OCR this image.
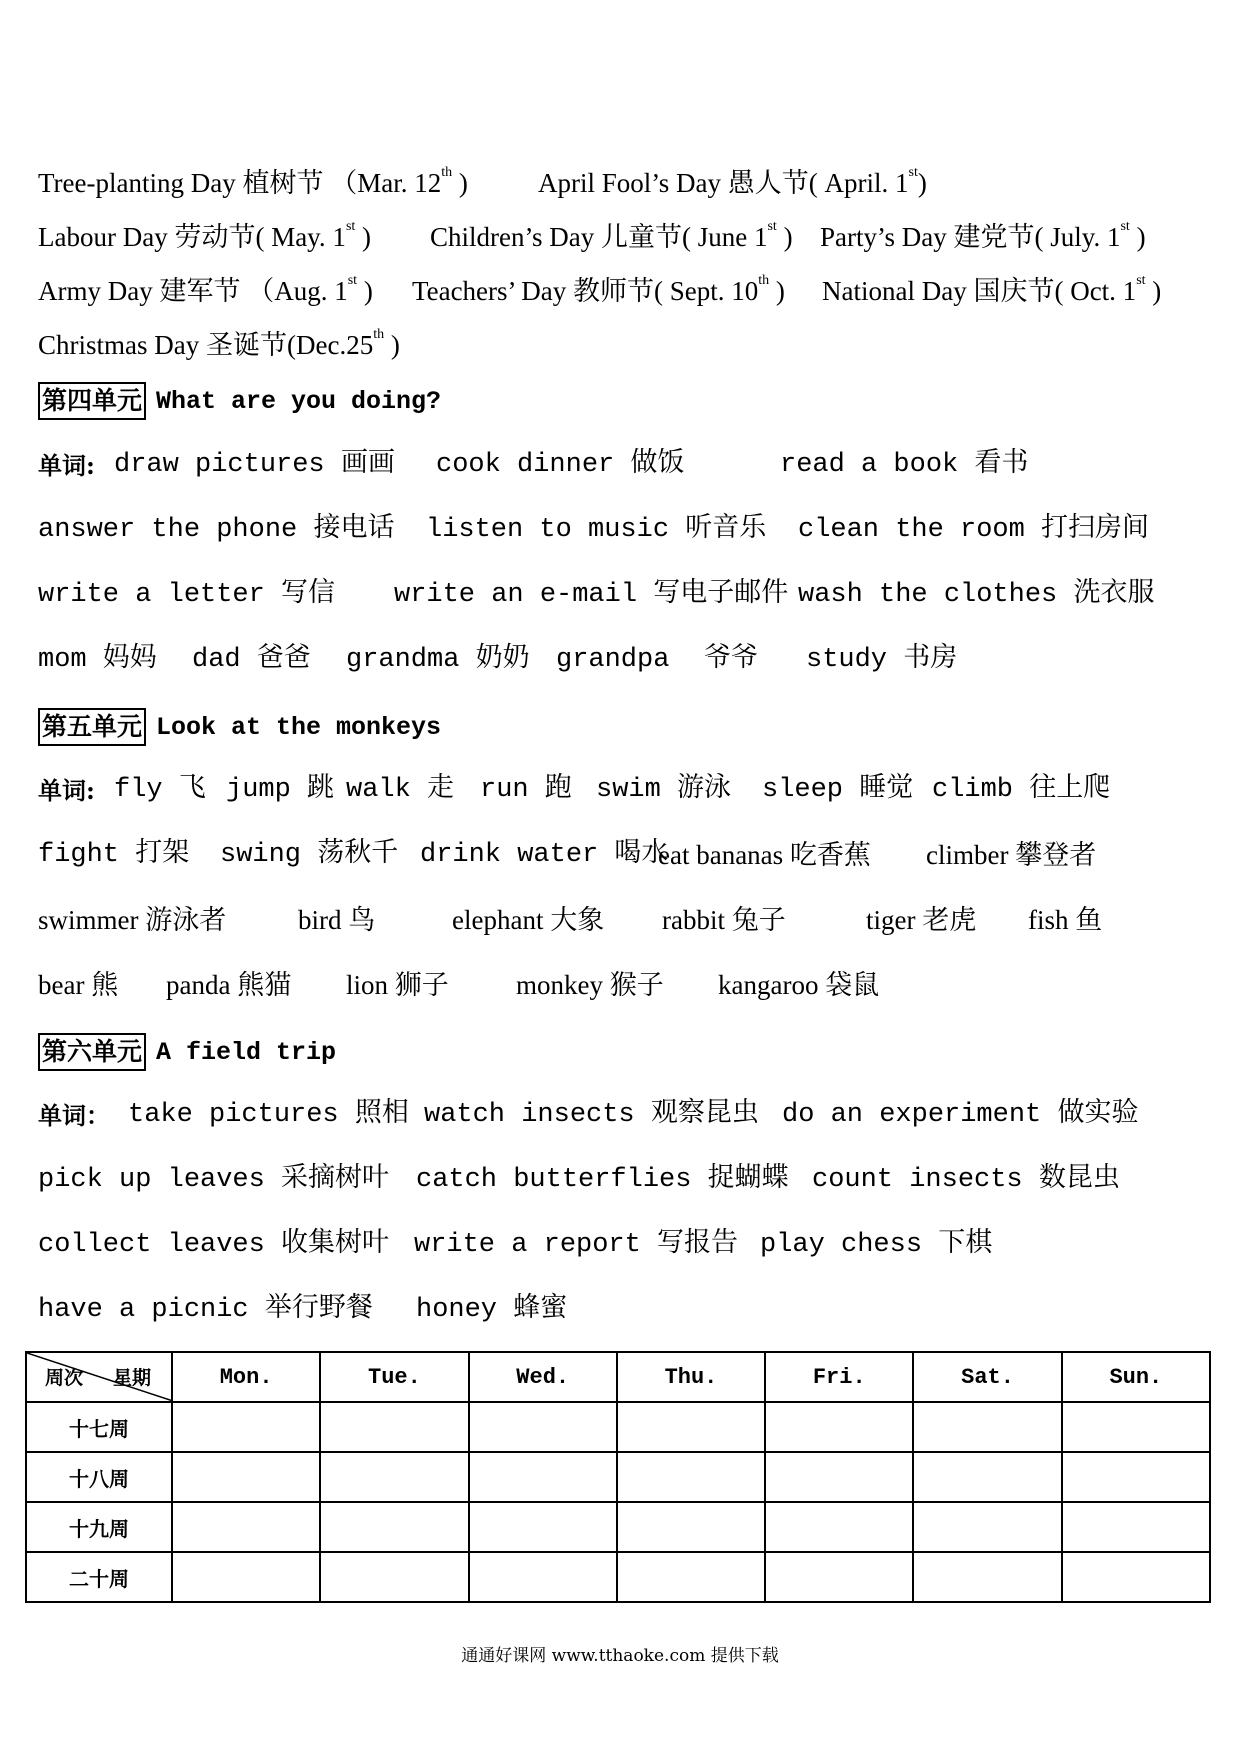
Tree-planting Day 植树节 （Mar. 12th )	April Fool’s Day 愚人节( April. 1st)
Labour Day 劳动节( May. 1st ) Children’s Day 儿童节( June 1st ) Party’s Day 建党节( July. 1st )
Army Day 建军节 （Aug. 1st ) Teachers’ Day 教师节( Sept. 10th ) National Day 国庆节( Oct. 1st )
Christmas Day 圣诞节(Dec.25th )
第四单元 What are you doing?
单词: draw pictures 画画 cook dinner 做饭	read a book 看书
answer the phone 接电话 listen to music 听音乐 clean the room 打扫房间
write a letter 写信 write an e-mail 写电子邮件 wash the clothes 洗衣服
mom 妈妈 dad 爸爸 grandma 奶奶 grandpa 爷爷 study 书房
第五单元 Look at the monkeys
单词: fly 飞 jump 跳 walk 走 run 跑 swim 游泳 sleep 睡觉 climb 往上爬
fight 打架 swing 荡秋千 drink water 喝水
eat bananas 吃香蕉 climber 攀登者
swimmer 游泳者	bird 鸟	elephant 大象 rabbit 兔子	tiger 老虎 fish 鱼
bear 熊 panda 熊猫 lion 狮子 monkey 猴子 kangaroo 袋鼠
第六单元 A field trip
单词： take pictures 照相 watch insects 观察昆虫 do an experiment 做实验
pick up leaves 采摘树叶 catch butterflies 捉蝴蝶 count insects 数昆虫
collect leaves 收集树叶 write a report 写报告 play chess 下棋
have a picnic 举行野餐 honey 蜂蜜
周次 星期	Mon.	Tue.	Wed.	Thu.	Fri.	Sat.	Sun.
十七周							
十八周							
十九周							
二十周							
通通好课网 www.tthaoke.com 提供下载
